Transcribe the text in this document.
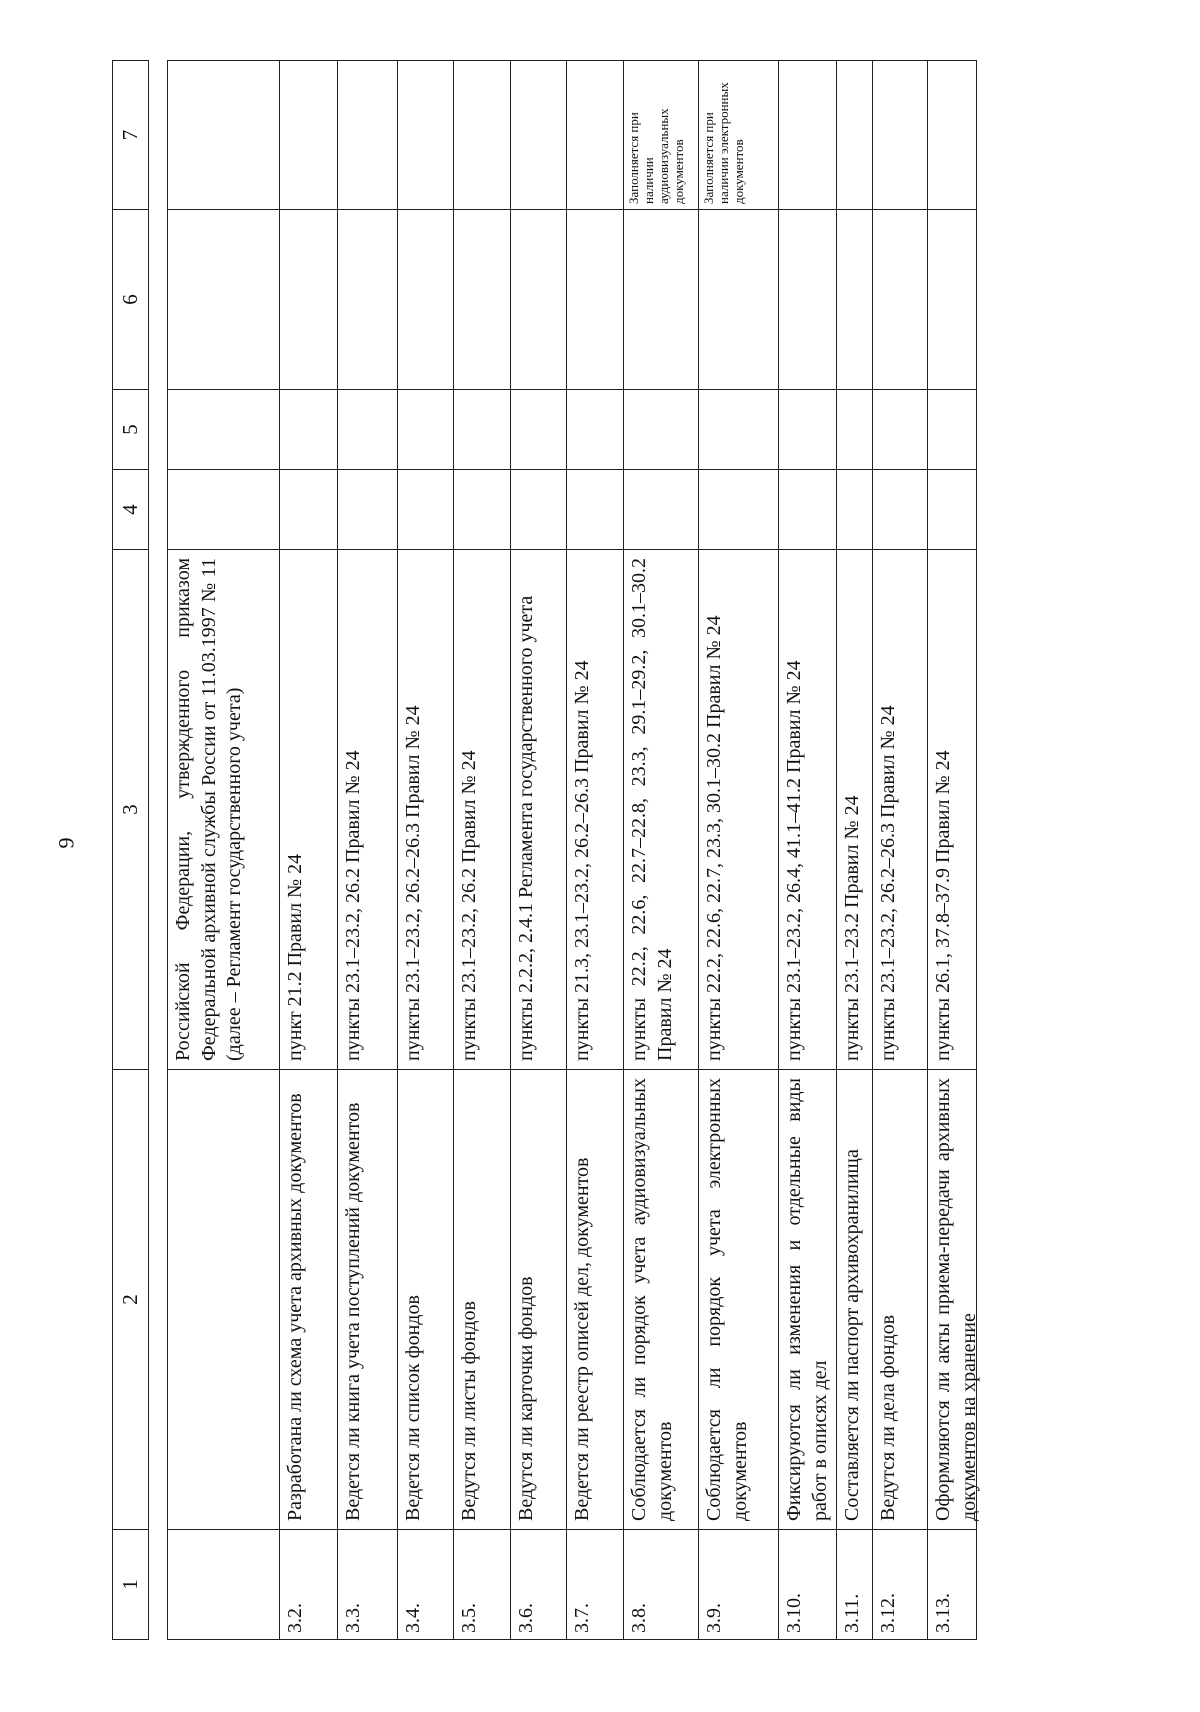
9
1
2
3
4
5
6
7
Российской Федерации, утвержденного приказом Федеральной архивной службы России от 11.03.1997 № 11 (далее – Регламент государственного учета)
3.2.
Разработана ли схема учета архивных документов
пункт 21.2 Правил № 24
3.3.
Ведется ли книга учета поступлений документов
пункты 23.1–23.2, 26.2 Правил № 24
3.4.
Ведется ли список фондов
пункты 23.1–23.2, 26.2–26.3 Правил № 24
3.5.
Ведутся ли листы фондов
пункты 23.1–23.2, 26.2 Правил № 24
3.6.
Ведутся ли карточки фондов
пункты 2.2.2, 2.4.1 Регламента государственного учета
3.7.
Ведется ли реестр описей дел, документов
пункты 21.3, 23.1–23.2, 26.2–26.3 Правил № 24
3.8.
Соблюдается ли порядок учета аудиовизуальных документов
пункты 22.2, 22.6, 22.7–22.8, 23.3, 29.1–29.2, 30.1–30.2 Правил № 24
Заполняется при наличии аудиовизуальных документов
3.9.
Соблюдается ли порядок учета электронных документов
пункты 22.2, 22.6, 22.7, 23.3, 30.1–30.2 Правил № 24
Заполняется при наличии электронных документов
3.10.
Фиксируются ли изменения и отдельные виды работ в описях дел
пункты 23.1–23.2, 26.4, 41.1–41.2 Правил № 24
3.11.
Составляется ли паспорт архивохранилища
пункты 23.1–23.2 Правил № 24
3.12.
Ведутся ли дела фондов
пункты 23.1–23.2, 26.2–26.3 Правил № 24
3.13.
Оформляются ли акты приема-передачи архивных документов на хранение
пункты 26.1, 37.8–37.9 Правил № 24
